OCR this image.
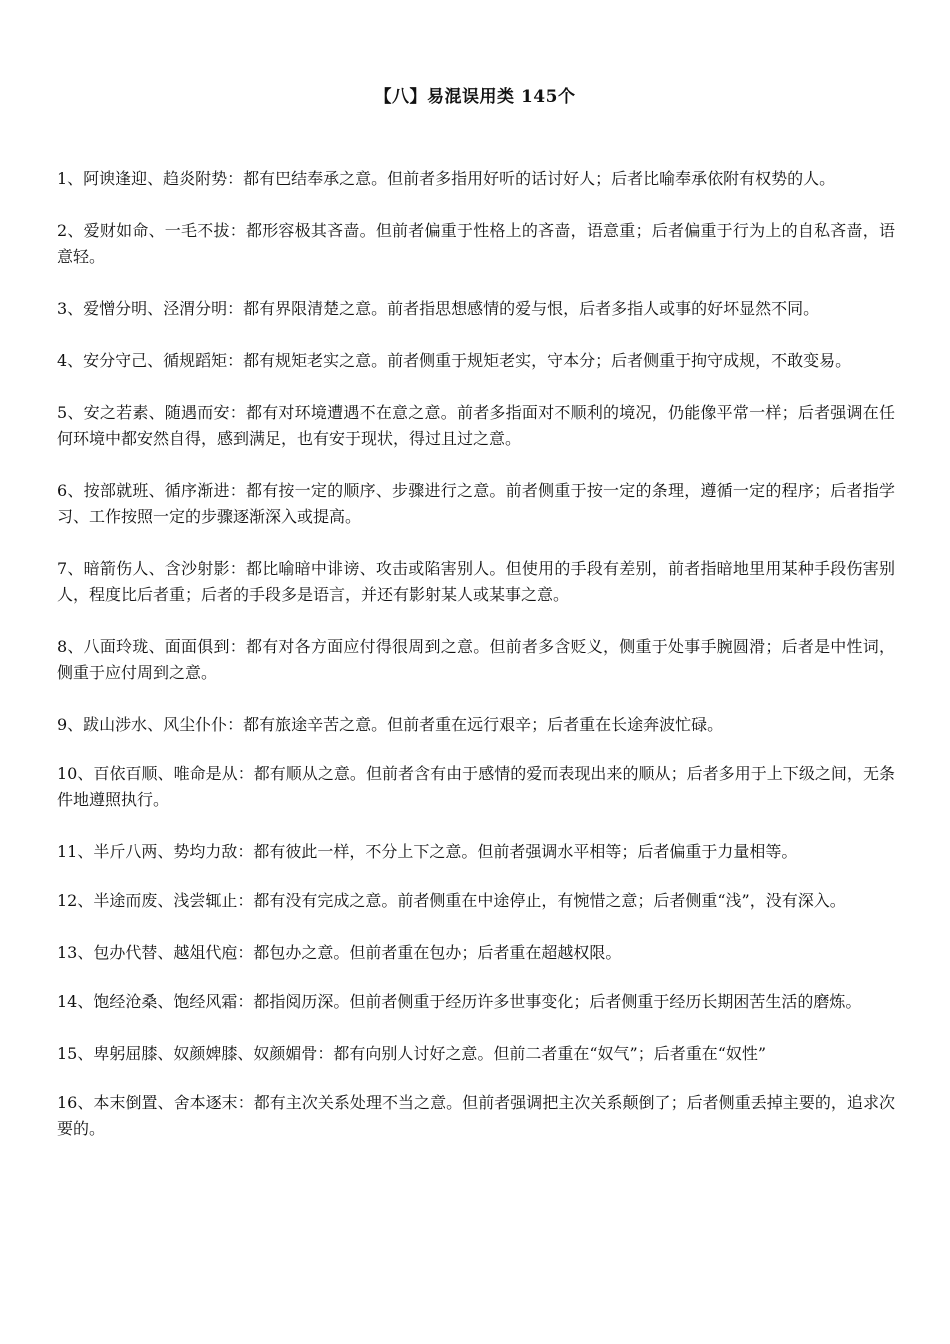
【八】易混误用类 145个

1、阿谀逢迎、趋炎附势：都有巴结奉承之意。但前者多指用好听的话讨好人；后者比喻奉承依附有权势的人。

2、爱财如命、一毛不拔：都形容极其吝啬。但前者偏重于性格上的吝啬，语意重；后者偏重于行为上的自私吝啬，语意轻。

3、爱憎分明、泾渭分明：都有界限清楚之意。前者指思想感情的爱与恨，后者多指人或事的好坏显然不同。

4、安分守己、循规蹈矩：都有规矩老实之意。前者侧重于规矩老实，守本分；后者侧重于拘守成规，不敢变易。

5、安之若素、随遇而安：都有对环境遭遇不在意之意。前者多指面对不顺利的境况，仍能像平常一样；后者强调在任何环境中都安然自得，感到满足，也有安于现状，得过且过之意。

6、按部就班、循序渐进：都有按一定的顺序、步骤进行之意。前者侧重于按一定的条理，遵循一定的程序；后者指学习、工作按照一定的步骤逐渐深入或提高。

7、暗箭伤人、含沙射影：都比喻暗中诽谤、攻击或陷害别人。但使用的手段有差别，前者指暗地里用某种手段伤害别人，程度比后者重；后者的手段多是语言，并还有影射某人或某事之意。

8、八面玲珑、面面俱到：都有对各方面应付得很周到之意。但前者多含贬义，侧重于处事手腕圆滑；后者是中性词，侧重于应付周到之意。

9、跋山涉水、风尘仆仆：都有旅途辛苦之意。但前者重在远行艰辛；后者重在长途奔波忙碌。

10、百依百顺、唯命是从：都有顺从之意。但前者含有由于感情的爱而表现出来的顺从；后者多用于上下级之间，无条件地遵照执行。

11、半斤八两、势均力敌：都有彼此一样，不分上下之意。但前者强调水平相等；后者偏重于力量相等。

12、半途而废、浅尝辄止：都有没有完成之意。前者侧重在中途停止，有惋惜之意；后者侧重“浅”，没有深入。

13、包办代替、越俎代庖：都包办之意。但前者重在包办；后者重在超越权限。

14、饱经沧桑、饱经风霜：都指阅历深。但前者侧重于经历许多世事变化；后者侧重于经历长期困苦生活的磨炼。

15、卑躬屈膝、奴颜婢膝、奴颜媚骨：都有向别人讨好之意。但前二者重在“奴气”；后者重在“奴性”

16、本末倒置、舍本逐末：都有主次关系处理不当之意。但前者强调把主次关系颠倒了；后者侧重丢掉主要的，追求次要的。
